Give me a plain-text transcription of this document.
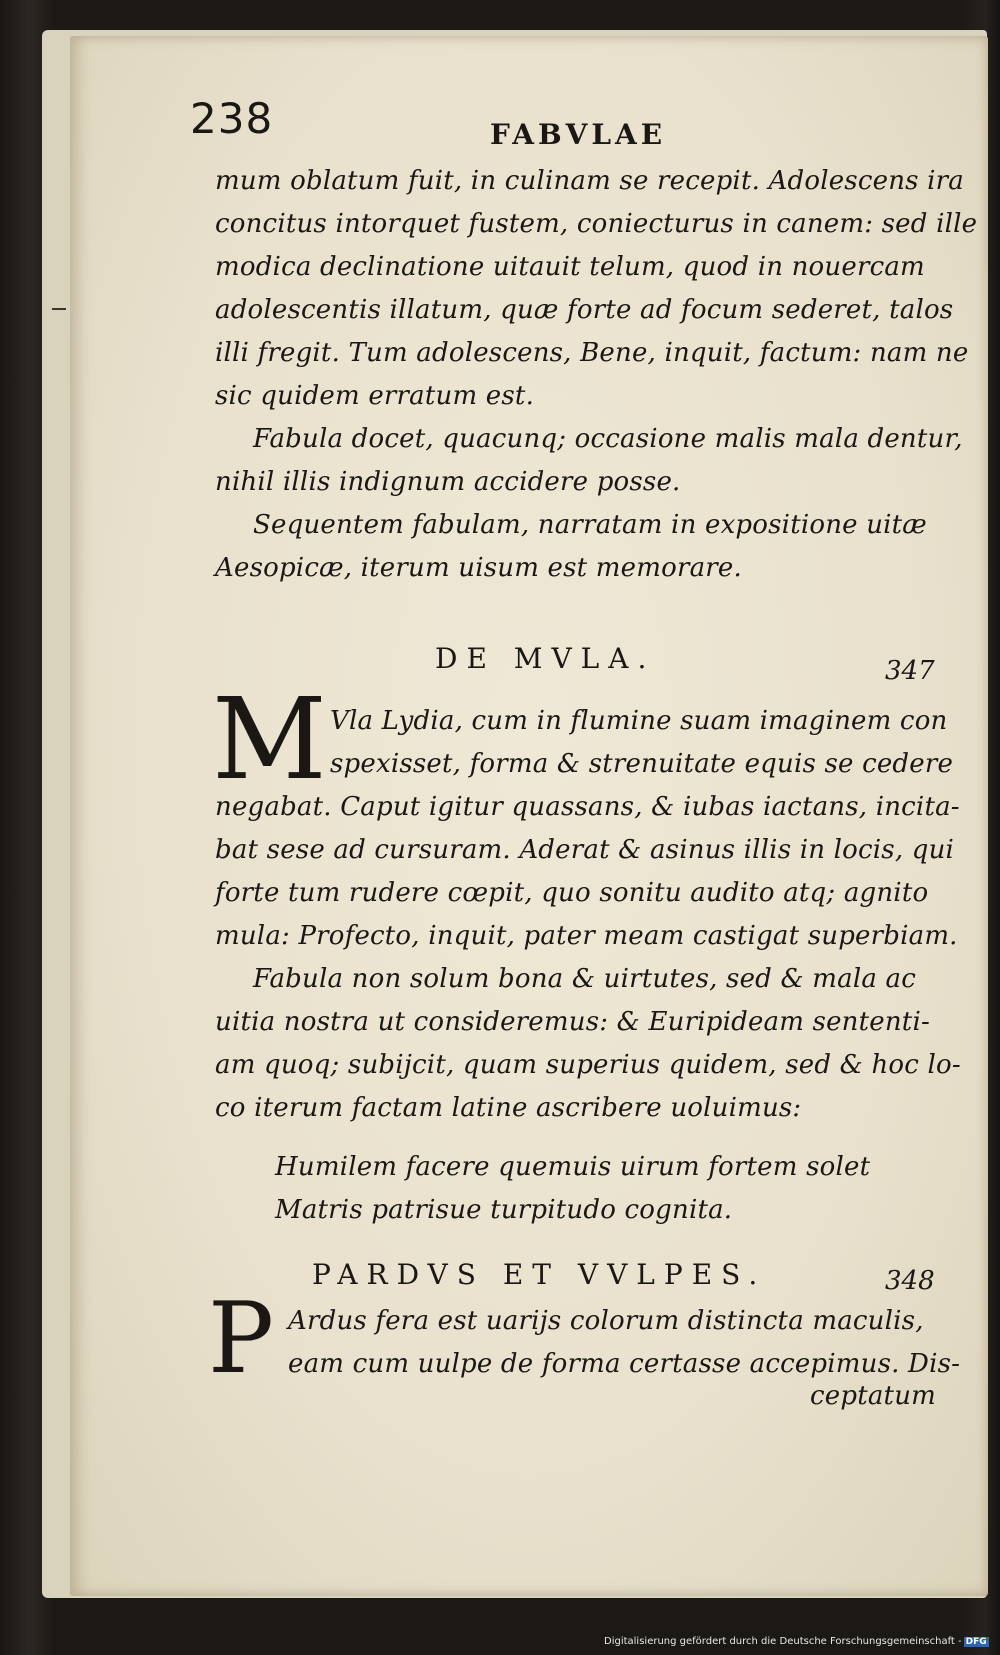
238	FABVLAE
mum oblatum fuit, in culinam se recepit. Adolescens ira
concitus intorquet fustem, coniecturus in canem: sed ille
modica declinatione uitauit telum, quod in nouercam
adolescentis illatum, quæ forte ad focum sederet, talos
illi fregit. Tum adolescens, Bene, inquit, factum: nam ne
sic quidem erratum est.
Fabula docet, quacunq; occasione malis mala dentur,
nihil illis indignum accidere posse.
Sequentem fabulam, narratam in expositione uitæ
Aesopicæ, iterum uisum est memorare.
DE MVLA.	347
M Vla Lydia, cum in flumine suam imaginem con
spexisset, forma & strenuitate equis se cedere
negabat. Caput igitur quassans, & iubas iactans, incita-
bat sese ad cursuram. Aderat & asinus illis in locis, qui
forte tum rudere cœpit, quo sonitu audito atq; agnito
mula: Profecto, inquit, pater meam castigat superbiam.
Fabula non solum bona & uirtutes, sed & mala ac
uitia nostra ut consideremus: & Euripideam sententi-
am quoq; subijcit, quam superius quidem, sed & hoc lo-
co iterum factam latine ascribere uoluimus:
Humilem facere quemuis uirum fortem solet
Matris patrisue turpitudo cognita.
PARDVS ET VVLPES.	348
P Ardus fera est uarijs colorum distincta maculis,
eam cum uulpe de forma certasse accepimus. Dis-
ceptatum
Digitalisierung gefördert durch die Deutsche Forschungsgemeinschaft - DFG
